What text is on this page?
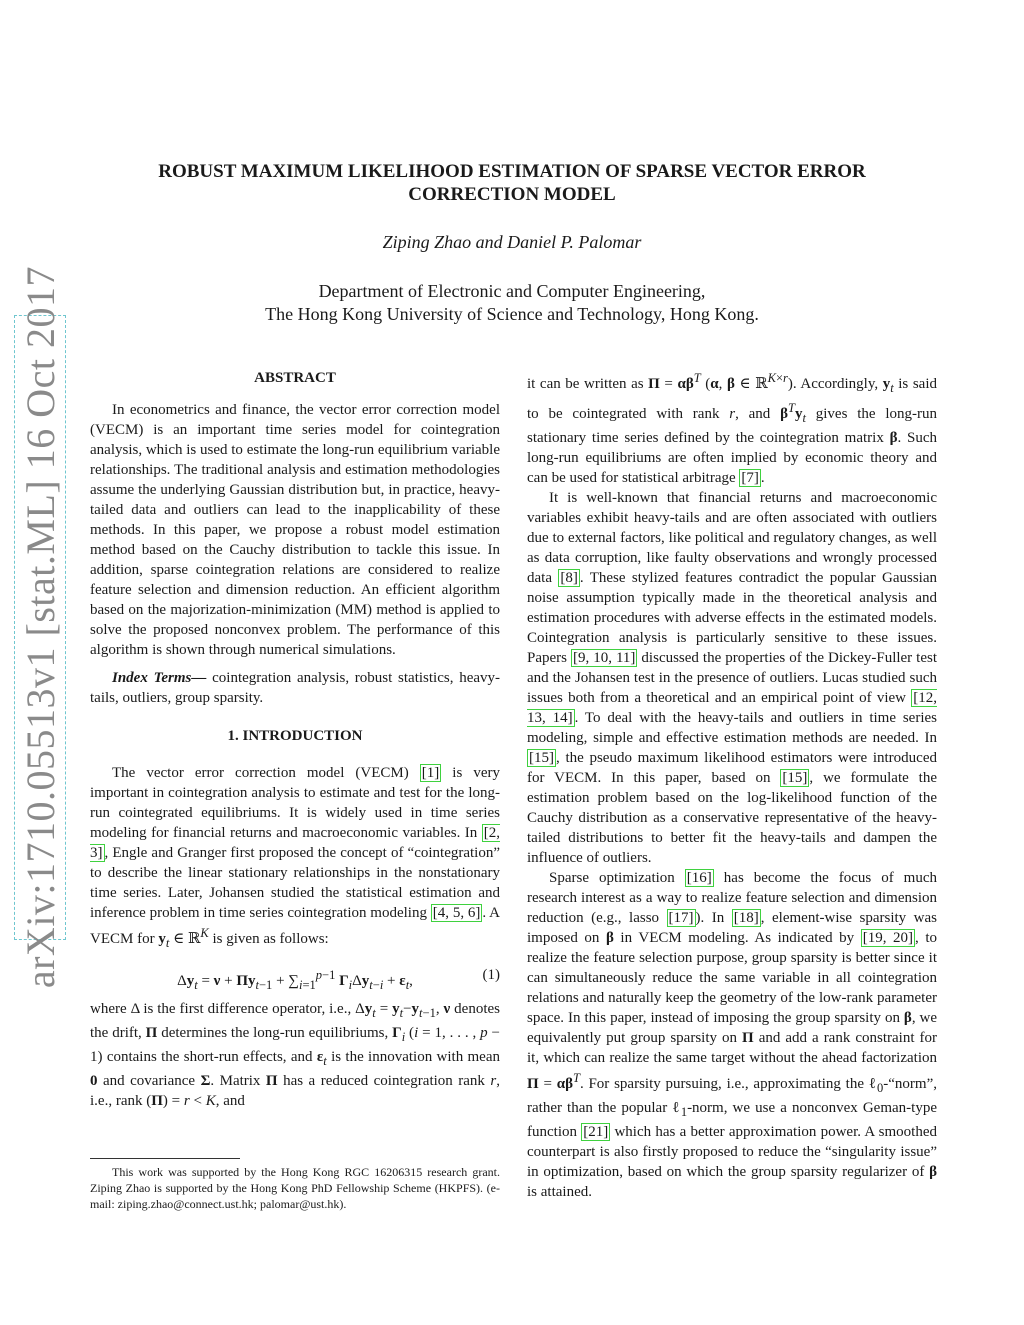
arXiv:1710.05513v1 [stat.ML] 16 Oct 2017
ROBUST MAXIMUM LIKELIHOOD ESTIMATION OF SPARSE VECTOR ERROR CORRECTION MODEL
Ziping Zhao and Daniel P. Palomar
Department of Electronic and Computer Engineering,
The Hong Kong University of Science and Technology, Hong Kong.
ABSTRACT

In econometrics and finance, the vector error correction model (VECM) is an important time series model for cointegration analysis, which is used to estimate the long-run equilibrium variable relationships. The traditional analysis and estimation methodologies assume the underlying Gaussian distribution but, in practice, heavy-tailed data and outliers can lead to the inapplicability of these methods. In this paper, we propose a robust model estimation method based on the Cauchy distribution to tackle this issue. In addition, sparse cointegration relations are considered to realize feature selection and dimension reduction. An efficient algorithm based on the majorization-minimization (MM) method is applied to solve the proposed nonconvex problem. The performance of this algorithm is shown through numerical simulations.

Index Terms— cointegration analysis, robust statistics, heavy-tails, outliers, group sparsity.

1. INTRODUCTION

The vector error correction model (VECM) [1] is very important in cointegration analysis to estimate and test for the long-run cointegrated equilibriums. It is widely used in time series modeling for financial returns and macroeconomic variables. In [2, 3] , Engle and Granger first proposed the concept of “cointegration” to describe the linear stationary relationships in the nonstationary time series. Later, Johansen studied the statistical estimation and inference problem in time series cointegration modeling [4, 5, 6] . A VECM for $y_t$ ∈ ℝ$^K$ is given as follows:

$\Delta y_t = \nu + \Pi y_{t-1} + \sum_{i=1}^{p-1}$ $\Gamma_i\Delta y_{t-i} + \varepsilon_t$,	(1)

where Δ is the first difference operator, i.e., $\Delta y_t = y_t-y_{t-1}$, ν denotes the drift, Π determines the long-run equilibriums, $\Gamma_i$ (i = 1, . . . , p − 1) contains the short-run effects, and $\varepsilon_t$ is the innovation with mean 0 and covariance Σ. Matrix Π has a reduced cointegration rank r, i.e., rank (Π) = r < K, and

This work was supported by the Hong Kong RGC 16206315 research grant. Ziping Zhao is supported by the Hong Kong PhD Fellowship Scheme (HKPFS). (e-mail: ziping.zhao@connect.ust.hk; palomar@ust.hk).

it can be written as $\Pi = \alpha\beta^T$ (α, β ∈ ℝ$^{K\times r}$). Accordingly, $y_t$ is said to be cointegrated with rank r, and $\beta^Ty_t$ gives the long-run stationary time series defined by the cointegration matrix β. Such long-run equilibriums are often implied by economic theory and can be used for statistical arbitrage [7] .

It is well-known that financial returns and macroeconomic variables exhibit heavy-tails and are often associated with outliers due to external factors, like political and regulatory changes, as well as data corruption, like faulty observations and wrongly processed data [8] . These stylized features contradict the popular Gaussian noise assumption typically made in the theoretical analysis and estimation procedures with adverse effects in the estimated models. Cointegration analysis is particularly sensitive to these issues. Papers [9, 10, 11] discussed the properties of the Dickey-Fuller test and the Johansen test in the presence of outliers. Lucas studied such issues both from a theoretical and an empirical point of view [12, 13, 14] . To deal with the heavy-tails and outliers in time series modeling, simple and effective estimation methods are needed. In [15] , the pseudo maximum likelihood estimators were introduced for VECM. In this paper, based on [15] , we formulate the estimation problem based on the log-likelihood function of the Cauchy distribution as a conservative representative of the heavy-tailed distributions to better fit the heavy-tails and dampen the influence of outliers.

Sparse optimization [16] has become the focus of much research interest as a way to realize feature selection and dimension reduction (e.g., lasso [17] ). In [18] , element-wise sparsity was imposed on β in VECM modeling. As indicated by [19, 20] , to realize the feature selection purpose, group sparsity is better since it can simultaneously reduce the same variable in all cointegration relations and naturally keep the geometry of the low-rank parameter space. In this paper, instead of imposing the group sparsity on β, we equivalently put group sparsity on Π and add a rank constraint for it, which can realize the same target without the ahead factorization $\Pi = \alpha\beta^T$. For sparsity pursuing, i.e., approximating the ℓ$_0$-“norm”, rather than the popular ℓ$_1$-norm, we use a nonconvex Geman-type function [21] which has a better approximation power. A smoothed counterpart is also firstly proposed to reduce the “singularity issue” in optimization, based on which the group sparsity regularizer of β is attained.
